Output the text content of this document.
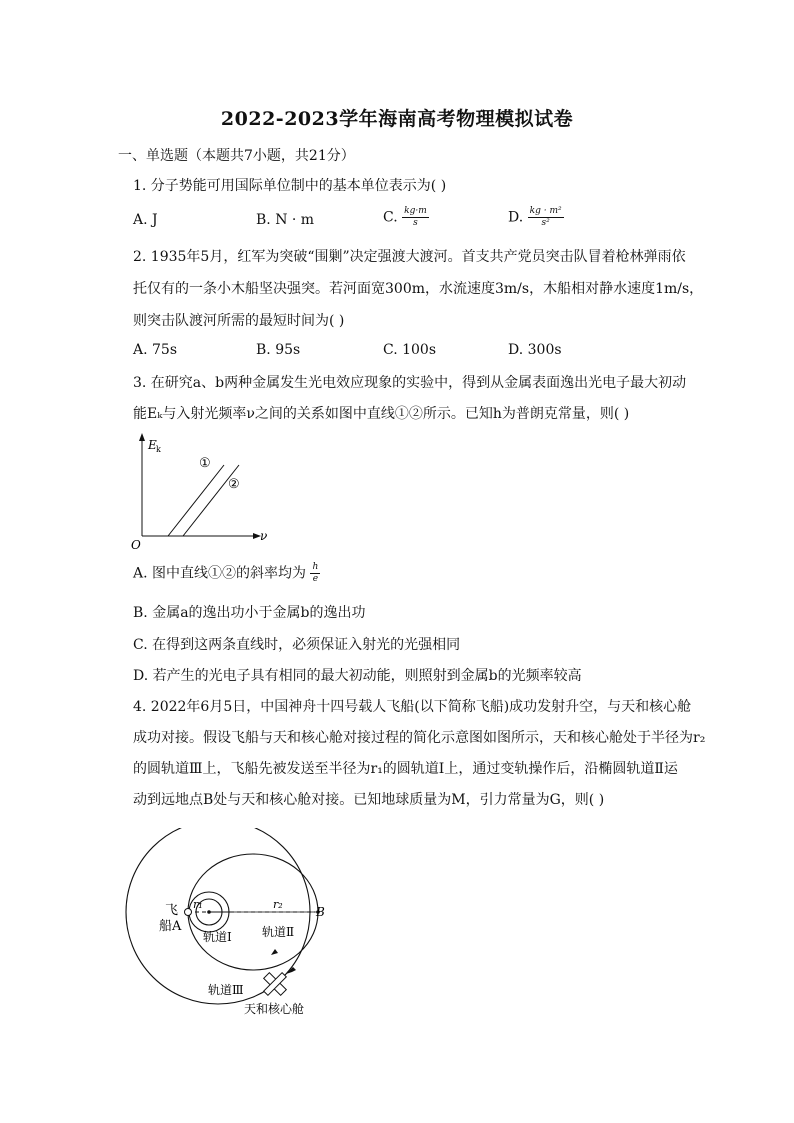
2022-2023学年海南高考物理模拟试卷
一、单选题（本题共7小题，共21分）
1. 分子势能可用国际单位制中的基本单位表示为( )
A. J	B. N · m	C. $\frac{kg\cdot m}{s}$	D. $\frac{\text{kg · m²}}{\text{s²}}$
2. 1935年5月，红军为突破“围剿”决定强渡大渡河。首支共产党员突击队冒着枪林弹雨依
托仅有的一条小木船坚决强突。若河面宽300m，水流速度3m/s，木船相对静水速度1m/s，
则突击队渡河所需的最短时间为( )
A. 75s	B. 95s	C. 100s	D. 300s
3. 在研究a、b两种金属发生光电效应现象的实验中，得到从金属表面逸出光电子最大初动
能Eₖ与入射光频率ν之间的关系如图中直线①②所示。已知h为普朗克常量，则( )
E k
ν
O
①
②
A. 图中直线①②的斜率均为 $\frac{h}{e}$
B. 金属a的逸出功小于金属b的逸出功
C. 在得到这两条直线时，必须保证入射光的光强相同
D. 若产生的光电子具有相同的最大初动能，则照射到金属b的光频率较高
4. 2022年6月5日，中国神舟十四号载人飞船(以下简称飞船)成功发射升空，与天和核心舱
成功对接。假设飞船与天和核心舱对接过程的简化示意图如图所示，天和核心舱处于半径为r₂
的圆轨道Ⅲ上，飞船先被发送至半径为r₁的圆轨道Ⅰ上，通过变轨操作后，沿椭圆轨道Ⅱ运
动到远地点B处与天和核心舱对接。已知地球质量为M，引力常量为G，则( )
飞
船A
r₁	r₂
B
轨道Ⅰ	轨道Ⅱ
轨道Ⅲ
天和核心舱
